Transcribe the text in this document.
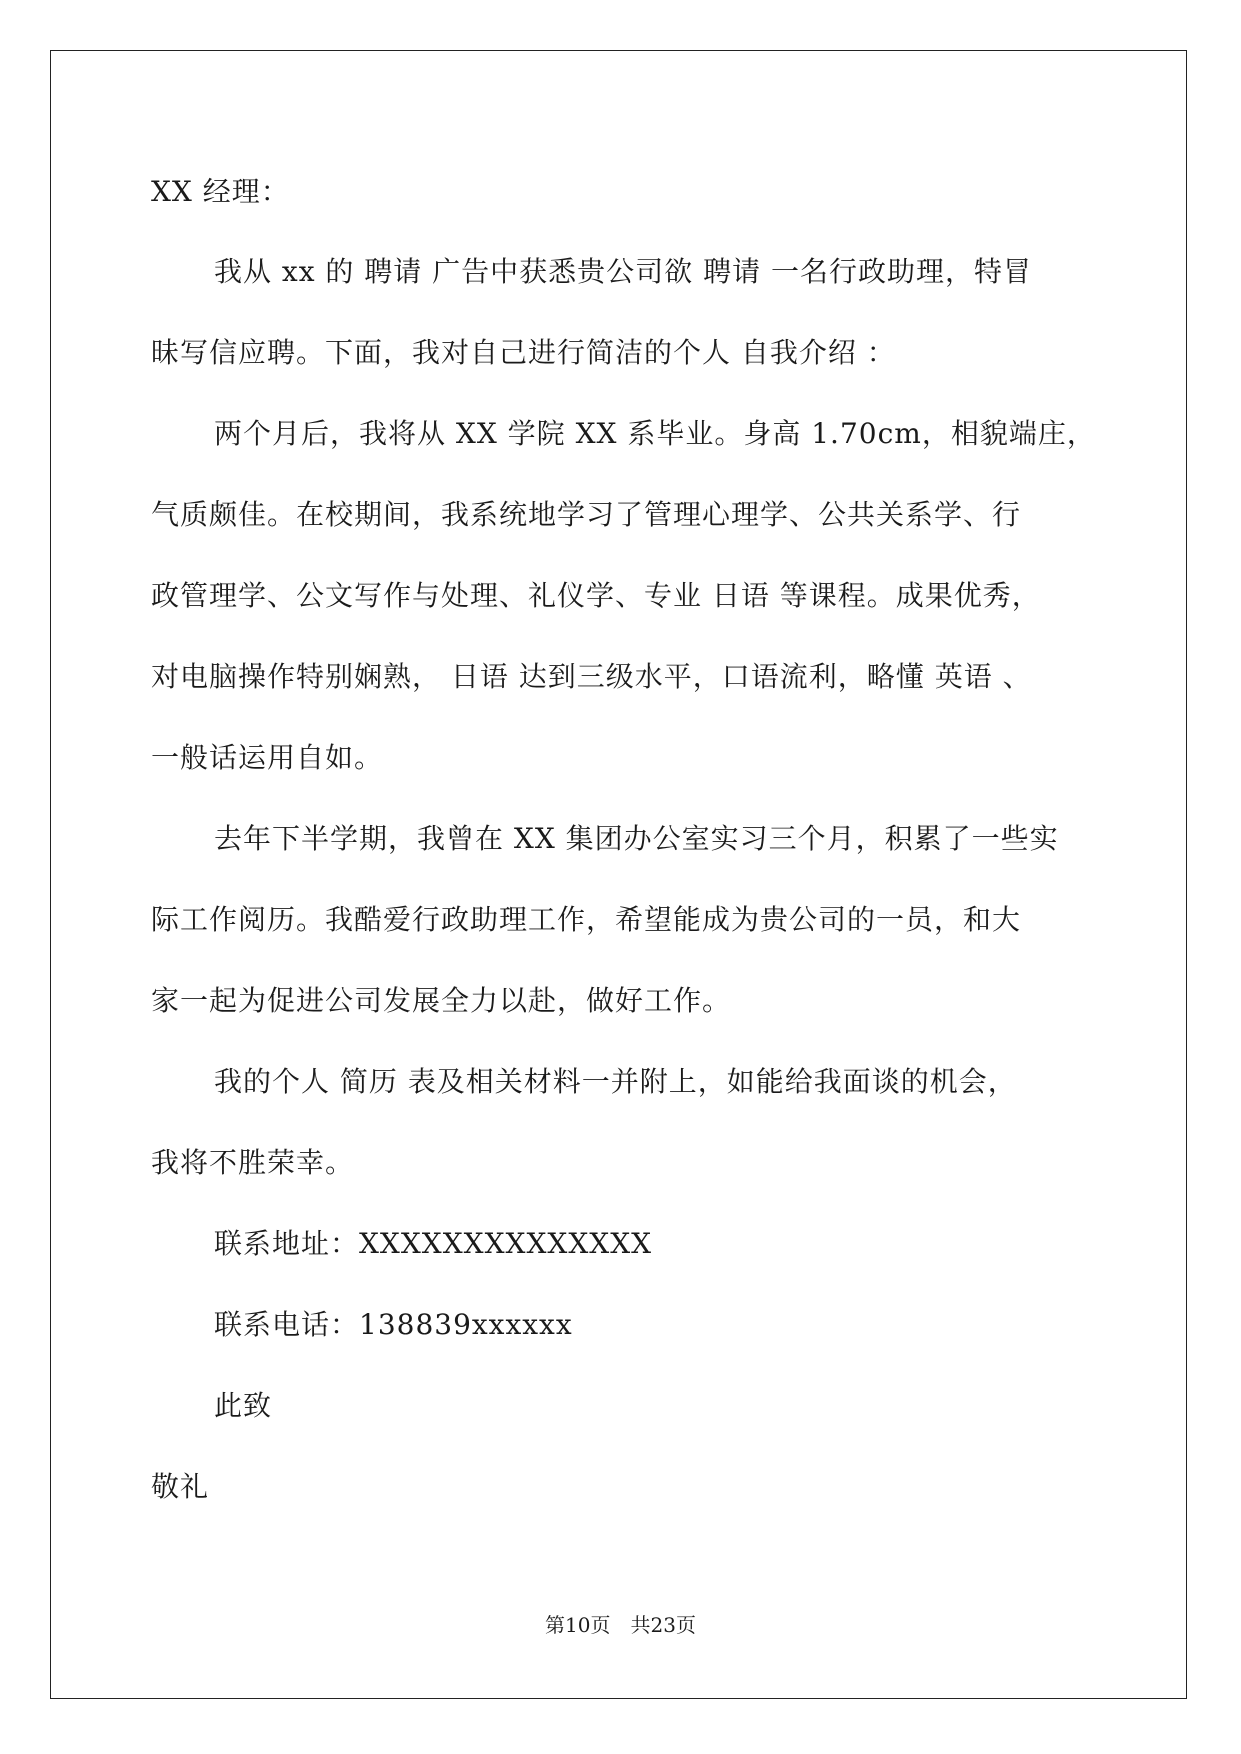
XX 经理：
我从 xx 的 聘请 广告中获悉贵公司欲 聘请 一名行政助理，特冒
昧写信应聘。下面，我对自己进行简洁的个人 自我介绍 ：
两个月后，我将从 XX 学院 XX 系毕业。身高 1.70cm，相貌端庄，
气质颇佳。在校期间，我系统地学习了管理心理学、公共关系学、行
政管理学、公文写作与处理、礼仪学、专业 日语 等课程。成果优秀，
对电脑操作特别娴熟， 日语 达到三级水平，口语流利，略懂 英语 、
一般话运用自如。
去年下半学期，我曾在 XX 集团办公室实习三个月，积累了一些实
际工作阅历。我酷爱行政助理工作，希望能成为贵公司的一员，和大
家一起为促进公司发展全力以赴，做好工作。
我的个人 简历 表及相关材料一并附上，如能给我面谈的机会，
我将不胜荣幸。
联系地址：XXXXXXXXXXXXXX
联系电话：138839xxxxxx
此致
敬礼
第10页　共23页
